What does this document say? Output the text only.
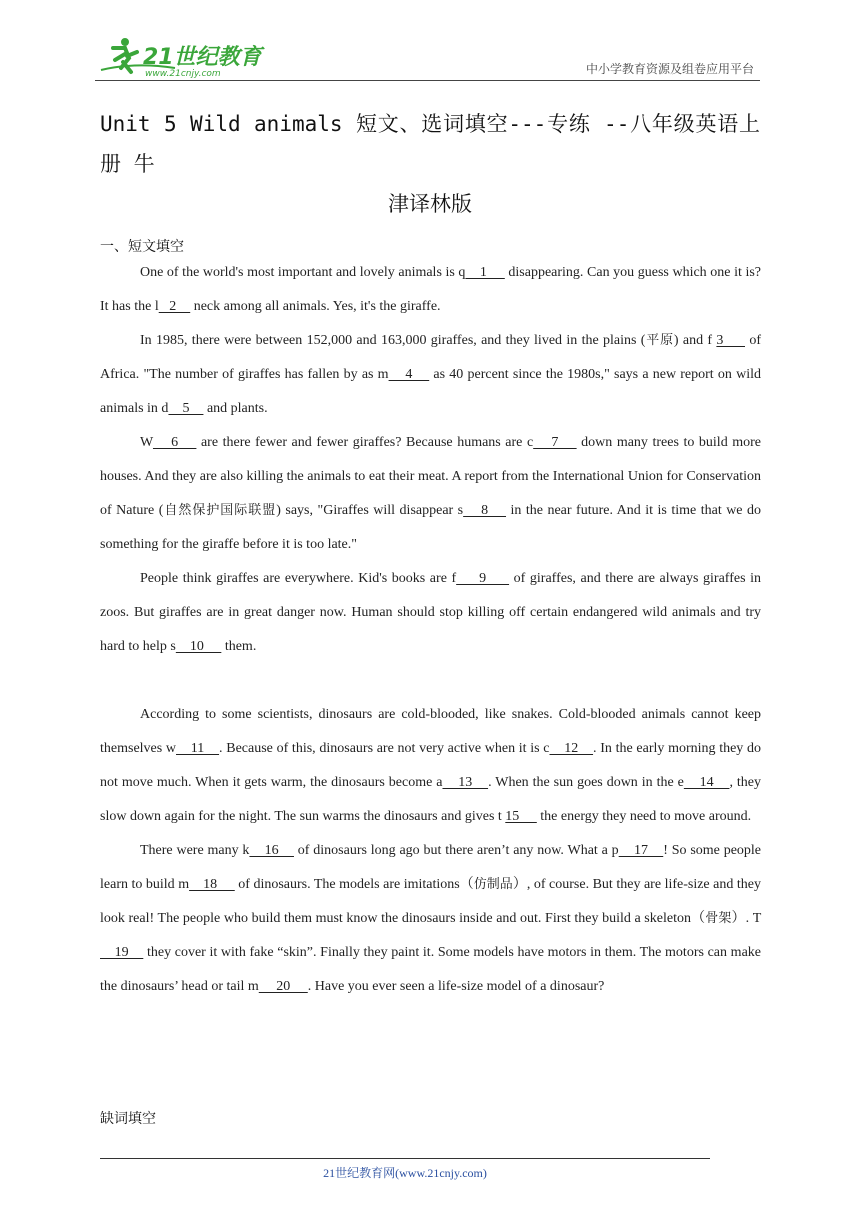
21世纪教育
www.21cnjy.com	中小学教育资源及组卷应用平台
Unit 5 Wild animals 短文、选词填空---专练 --八年级英语上册 牛
津译林版
一、短文填空

One of the world's most important and lovely animals is q    1      disappearing. Can you guess which one it is? It has the l   2     neck among all animals. Yes, it's the giraffe.

In 1985, there were between 152,000 and 163,000 giraffes, and they lived in the plains (平原) and f 3      of Africa. "The number of giraffes has fallen by as m    4     as 40 percent since the 1980s," says a new report on wild animals in d    5     and plants.

W    6     are there fewer and fewer giraffes? Because humans are c    7     down many trees to build more houses. And they are also killing the animals to eat their meat. A report from the International Union for Conservation of Nature (自然保护国际联盟) says, "Giraffes will disappear s    8     in the near future. And it is time that we do something for the giraffe before it is too late."

People think giraffes are everywhere. Kid's books are f     9      of giraffes, and there are always giraffes in zoos. But giraffes are in great danger now. Human should stop killing off certain endangered wild animals and try hard to help s    10      them.

According to some scientists, dinosaurs are cold-blooded, like snakes. Cold-blooded animals cannot keep themselves w    11    . Because of this, dinosaurs are not very active when it is c    12    . In the early morning they do not move much. When it gets warm, the dinosaurs become a    13    . When the sun goes down in the e    14    , they slow down again for the night. The sun warms the dinosaurs and gives t 15      the energy they need to move around.

There were many k    16     of dinosaurs long ago but there aren’t any now. What a p    17    ! So some people learn to build m    18      of dinosaurs. The models are imitations（仿制品）, of course. But they are life-size and they look real! The people who build them must know the dinosaurs inside and out. First they build a skeleton（骨架）. T    19     they cover it with fake “skin”. Finally they paint it. Some models have motors in them. The motors can make the dinosaurs’ head or tail m     20     . Have you ever seen a life-size model of a dinosaur?

缺词填空
21世纪教育网(www.21cnjy.com)
